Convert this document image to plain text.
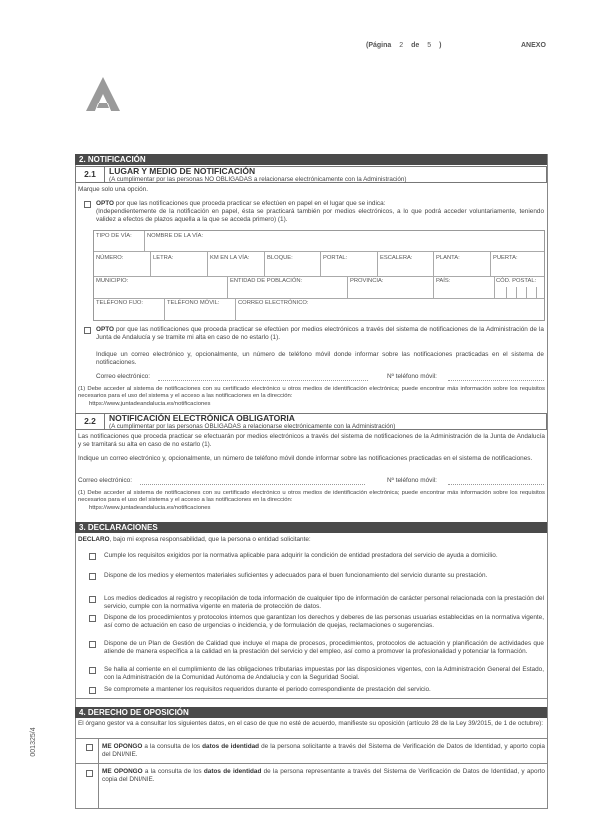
(Página 2 de 5 )	ANEXO
2. NOTIFICACIÓN
2.1	LUGAR Y MEDIO DE NOTIFICACIÓN
(A cumplimentar por las personas NO OBLIGADAS a relacionarse electrónicamente con la Administración)
Marque solo una opción.
OPTO por que las notificaciones que proceda practicar se efectúen en papel en el lugar que se indica:
(Independientemente de la notificación en papel, ésta se practicará también por medios electrónicos, a lo que podrá acceder voluntariamente, teniendo validez a efectos de plazos aquella a la que se acceda primero) (1).
TIPO DE VÍA:	NOMBRE DE LA VÍA:
NÚMERO:	LETRA:	KM EN LA VÍA:	BLOQUE:	PORTAL:	ESCALERA:	PLANTA:	PUERTA:
MUNICIPIO:	ENTIDAD DE POBLACIÓN:	PROVINCIA:	PAÍS:	CÓD. POSTAL:
TELÉFONO FIJO:	TELÉFONO MÓVIL:	CORREO ELECTRÓNICO:
OPTO por que las notificaciones que proceda practicar se efectúen por medios electrónicos a través del sistema de notificaciones de la Administración de la Junta de Andalucía y se tramite mi alta en caso de no estarlo (1).
Indique un correo electrónico y, opcionalmente, un número de teléfono móvil donde informar sobre las notificaciones practicadas en el sistema de notificaciones.
Correo electrónico:	Nº teléfono móvil:
(1) Debe acceder al sistema de notificaciones con su certificado electrónico u otros medios de identificación electrónica; puede encontrar más información sobre los requisitos necesarios para el uso del sistema y el acceso a las notificaciones en la dirección:
https://www.juntadeandalucia.es/notificaciones
2.2	NOTIFICACIÓN ELECTRÓNICA OBLIGATORIA
(A cumplimentar por las personas OBLIGADAS a relacionarse electrónicamente con la Administración)
Las notificaciones que proceda practicar se efectuarán por medios electrónicos a través del sistema de notificaciones de la Administración de la Junta de Andalucía y se tramitará su alta en caso de no estarlo (1).
Indique un correo electrónico y, opcionalmente, un número de teléfono móvil donde informar sobre las notificaciones practicadas en el sistema de notificaciones.
Correo electrónico:	Nº teléfono móvil:
(1) Debe acceder al sistema de notificaciones con su certificado electrónico u otros medios de identificación electrónica; puede encontrar más información sobre los requisitos necesarios para el uso del sistema y el acceso a las notificaciones en la dirección:
https://www.juntadeandalucia.es/notificaciones
3. DECLARACIONES
DECLARO, bajo mi expresa responsabilidad, que la persona o entidad solicitante:
Cumple los requisitos exigidos por la normativa aplicable para adquirir la condición de entidad prestadora del servicio de ayuda a domicilio.
Dispone de los medios y elementos materiales suficientes y adecuados para el buen funcionamiento del servicio durante su prestación.
Los medios dedicados al registro y recopilación de toda información de cualquier tipo de información de carácter personal relacionada con la prestación del servicio, cumple con la normativa vigente en materia de protección de datos.
Dispone de los procedimientos y protocolos internos que garantizan los derechos y deberes de las personas usuarias establecidas en la normativa vigente, así como de actuación en caso de urgencias o incidencia, y de formulación de quejas, reclamaciones o sugerencias.
Dispone de un Plan de Gestión de Calidad que incluye el mapa de procesos, procedimientos, protocolos de actuación y planificación de actividades que atiende de manera específica a la calidad en la prestación del servicio y del empleo, así como a promover la profesionalidad y potenciar la formación.
Se halla al corriente en el cumplimiento de las obligaciones tributarias impuestas por las disposiciones vigentes, con la Administración General del Estado, con la Administración de la Comunidad Autónoma de Andalucía y con la Seguridad Social.
Se compromete a mantener los requisitos requeridos durante el periodo correspondiente de prestación del servicio.
4. DERECHO DE OPOSICIÓN
El órgano gestor va a consultar los siguientes datos, en el caso de que no esté de acuerdo, manifieste su oposición (artículo 28 de la Ley 39/2015, de 1 de octubre):
ME OPONGO a la consulta de los datos de identidad de la persona solicitante a través del Sistema de Verificación de Datos de Identidad, y aporto copia del DNI/NIE.
ME OPONGO a la consulta de los datos de identidad de la persona representante a través del Sistema de Verificación de Datos de Identidad, y aporto copia del DNI/NIE.
001325/4
